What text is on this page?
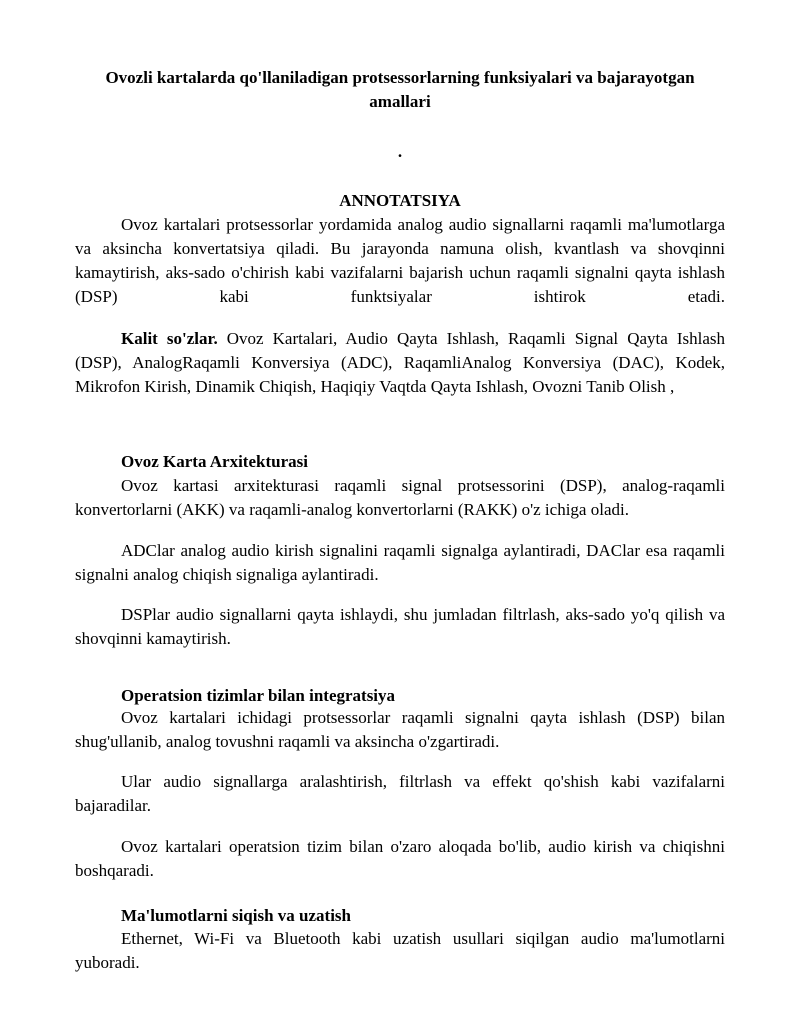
Ovozli kartalarda qo'llaniladigan protsessorlarning funksiyalari va bajarayotgan amallari
.
ANNOTATSIYA

Ovoz kartalari protsessorlar yordamida analog audio signallarni raqamli ma'lumotlarga va aksincha konvertatsiya qiladi. Bu jarayonda namuna olish, kvantlash va shovqinni kamaytirish, aks-sado o'chirish kabi vazifalarni bajarish uchun raqamli signalni qayta ishlash (DSP) kabi funktsiyalar ishtirok etadi.

Kalit so'zlar. Ovoz Kartalari, Audio Qayta Ishlash, Raqamli Signal Qayta Ishlash (DSP), AnalogRaqamli Konversiya (ADC), RaqamliAnalog Konversiya (DAC), Kodek, Mikrofon Kirish, Dinamik Chiqish, Haqiqiy Vaqtda Qayta Ishlash, Ovozni Tanib Olish ,

Ovoz Karta Arxitekturasi

Ovoz kartasi arxitekturasi raqamli signal protsessorini (DSP), analog-raqamli konvertorlarni (AKK) va raqamli-analog konvertorlarni (RAKK) o'z ichiga oladi.

ADClar analog audio kirish signalini raqamli signalga aylantiradi, DAClar esa raqamli signalni analog chiqish signaliga aylantiradi.

DSPlar audio signallarni qayta ishlaydi, shu jumladan filtrlash, aks-sado yo'q qilish va shovqinni kamaytirish.

Operatsion tizimlar bilan integratsiya

Ovoz kartalari ichidagi protsessorlar raqamli signalni qayta ishlash (DSP) bilan shug'ullanib, analog tovushni raqamli va aksincha o'zgartiradi.

Ular audio signallarga aralashtirish, filtrlash va effekt qo'shish kabi vazifalarni bajaradilar.

Ovoz kartalari operatsion tizim bilan o'zaro aloqada bo'lib, audio kirish va chiqishni boshqaradi.

Ma'lumotlarni siqish va uzatish

Ethernet, Wi-Fi va Bluetooth kabi uzatish usullari siqilgan audio ma'lumotlarni yuboradi.
